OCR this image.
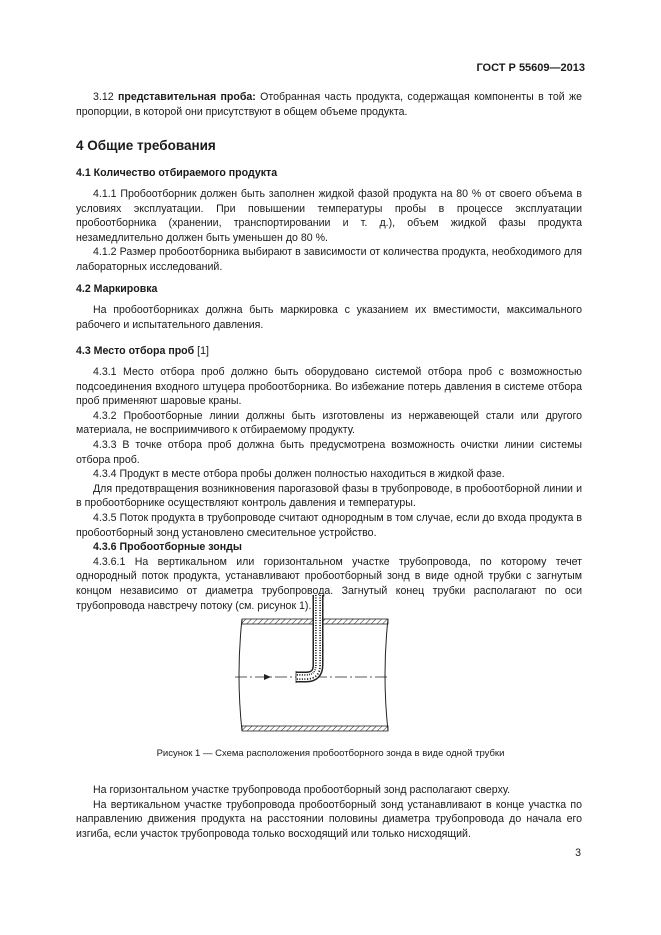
ГОСТ Р 55609—2013

3.12 представительная проба: Отобранная часть продукта, содержащая компоненты в той же пропорции, в которой они присутствуют в общем объеме продукта.

4 Общие требования
4.1 Количество отбираемого продукта

4.1.1 Пробоотборник должен быть заполнен жидкой фазой продукта на 80 % от своего объема в условиях эксплуатации. При повышении температуры пробы в процессе эксплуатации пробоотборника (хранении, транспортировании и т. д.), объем жидкой фазы продукта незамедлительно должен быть уменьшен до 80 %.

4.1.2 Размер пробоотборника выбирают в зависимости от количества продукта, необходимого для лабораторных исследований.

4.2 Маркировка

На пробоотборниках должна быть маркировка с указанием их вместимости, максимального рабочего и испытательного давления.

4.3 Место отбора проб [1]

4.3.1 Место отбора проб должно быть оборудовано системой отбора проб с возможностью подсоединения входного штуцера пробоотборника. Во избежание потерь давления в системе отбора проб применяют шаровые краны.

4.3.2 Пробоотборные линии должны быть изготовлены из нержавеющей стали или другого материала, не восприимчивого к отбираемому продукту.

4.3.3 В точке отбора проб должна быть предусмотрена возможность очистки линии системы отбора проб.

4.3.4 Продукт в месте отбора пробы должен полностью находиться в жидкой фазе.

Для предотвращения возникновения парогазовой фазы в трубопроводе, в пробоотборной линии и в пробоотборнике осуществляют контроль давления и температуры.

4.3.5 Поток продукта в трубопроводе считают однородным в том случае, если до входа продукта в пробоотборный зонд установлено смесительное устройство.

4.3.6 Пробоотборные зонды

4.3.6.1 На вертикальном или горизонтальном участке трубопровода, по которому течет однородный поток продукта, устанавливают пробоотборный зонд в виде одной трубки с загнутым концом независимо от диаметра трубопровода. Загнутый конец трубки располагают по оси трубопровода навстречу потоку (см. рисунок 1).

Рисунок 1 — Схема расположения пробоотборного зонда в виде одной трубки

На горизонтальном участке трубопровода пробоотборный зонд располагают сверху.

На вертикальном участке трубопровода пробоотборный зонд устанавливают в конце участка по направлению движения продукта на расстоянии половины диаметра трубопровода до начала его изгиба, если участок трубопровода только восходящий или только нисходящий.

3
